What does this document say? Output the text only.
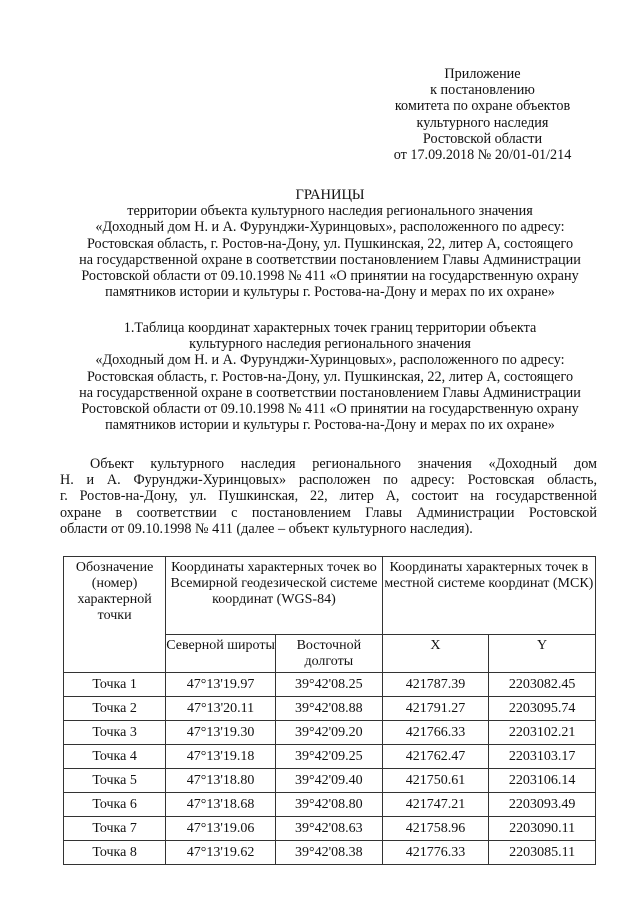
Приложение
к постановлению
комитета по охране объектов
культурного наследия
Ростовской области
от 17.09.2018 № 20/01-01/214
ГРАНИЦЫ
территории объекта культурного наследия регионального значения
«Доходный дом Н. и А. Фурунджи-Хуринцовых», расположенного по адресу:
Ростовская область, г. Ростов-на-Дону, ул. Пушкинская, 22, литер А, состоящего
на государственной охране в соответствии постановлением Главы Администрации
Ростовской области от 09.10.1998 № 411 «О принятии на государственную охрану
памятников истории и культуры г. Ростова-на-Дону и мерах по их охране»
1.Таблица координат характерных точек границ территории объекта
культурного наследия регионального значения
«Доходный дом Н. и А. Фурунджи-Хуринцовых», расположенного по адресу:
Ростовская область, г. Ростов-на-Дону, ул. Пушкинская, 22, литер А, состоящего
на государственной охране в соответствии постановлением Главы Администрации
Ростовской области от 09.10.1998 № 411 «О принятии на государственную охрану
памятников истории и культуры г. Ростова-на-Дону и мерах по их охране»
Объект культурного наследия регионального значения «Доходный дом
Н. и А. Фурунджи-Хуринцовых» расположен по адресу: Ростовская область,
г. Ростов-на-Дону, ул. Пушкинская, 22, литер А, состоит на государственной
охране в соответствии с постановлением Главы Администрации Ростовской
области от 09.10.1998 № 411 (далее – объект культурного наследия).
Обозначение (номер) характерной точки	Координаты характерных точек во Всемирной геодезической системе координат (WGS-84)		Координаты характерных точек в местной системе координат (МСК)	
	Северной широты	Восточной долготы	X	Y
Точка 1	47°13'19.97	39°42'08.25	421787.39	2203082.45
Точка 2	47°13'20.11	39°42'08.88	421791.27	2203095.74
Точка 3	47°13'19.30	39°42'09.20	421766.33	2203102.21
Точка 4	47°13'19.18	39°42'09.25	421762.47	2203103.17
Точка 5	47°13'18.80	39°42'09.40	421750.61	2203106.14
Точка 6	47°13'18.68	39°42'08.80	421747.21	2203093.49
Точка 7	47°13'19.06	39°42'08.63	421758.96	2203090.11
Точка 8	47°13'19.62	39°42'08.38	421776.33	2203085.11
